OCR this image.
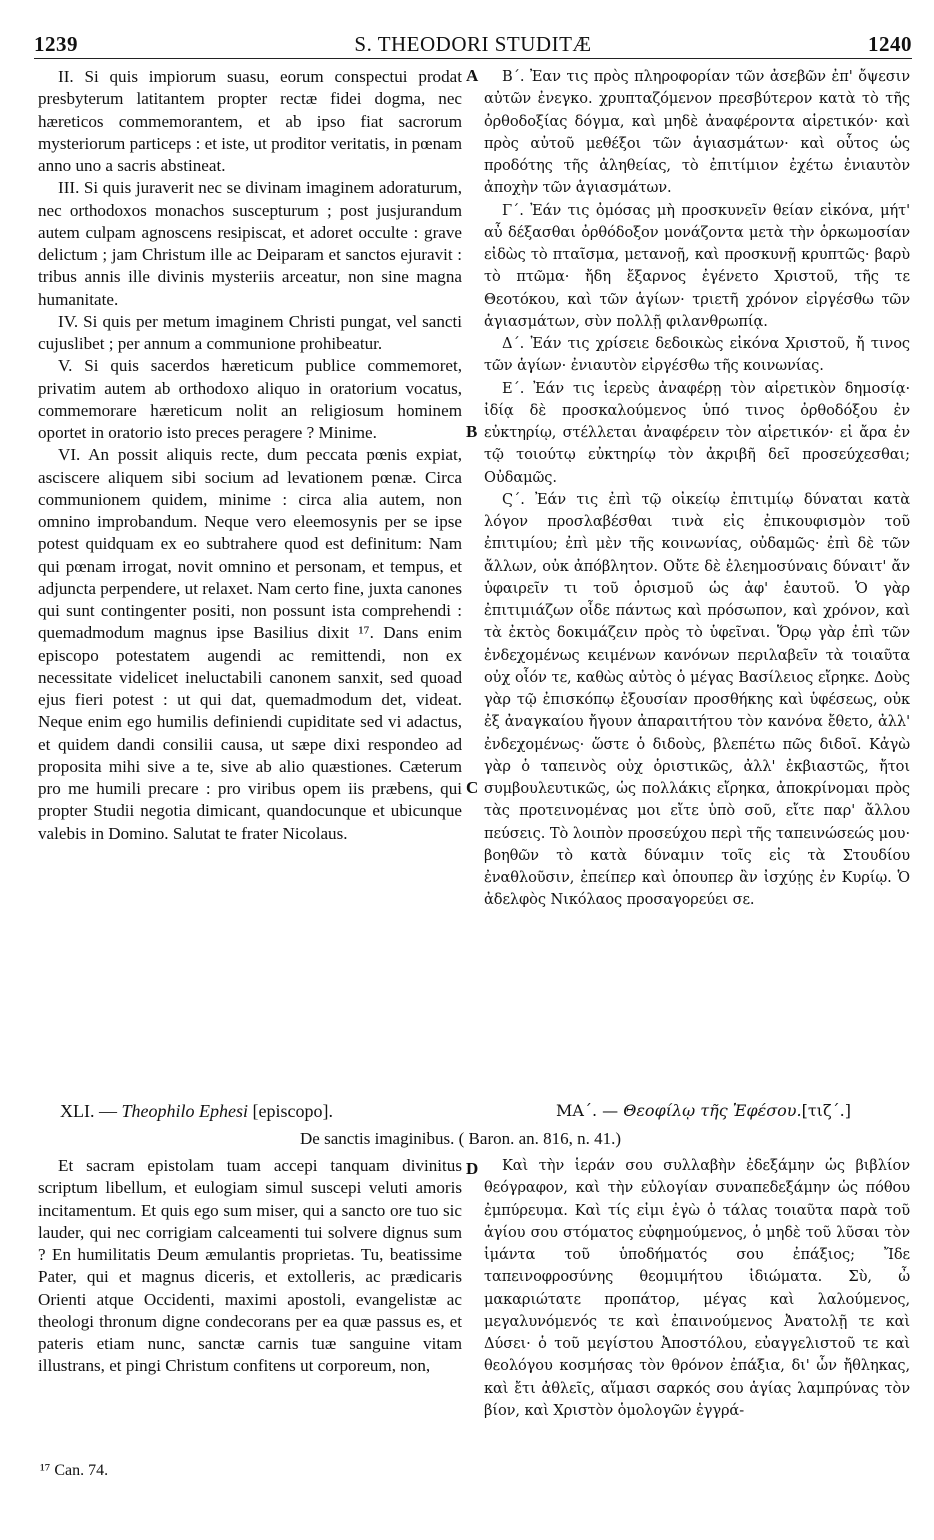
1239	S. THEODORI STUDITÆ	1240

II. Si quis impiorum suasu, eorum conspectui prodat presbyterum latitantem propter rectæ fidei dogma, nec hæreticos commemorantem, et ab ipso fiat sacrorum mysteriorum particeps : et iste, ut proditor veritatis, in pœnam anno uno a sacris abstineat.

III. Si quis juraverit nec se divinam imaginem adoraturum, nec orthodoxos monachos suscepturum ; post jusjurandum autem culpam agnoscens resipiscat, et adoret occulte : grave delictum ; jam Christum ille ac Deiparam et sanctos ejuravit : tribus annis ille divinis mysteriis arceatur, non sine magna humanitate.

IV. Si quis per metum imaginem Christi pungat, vel sancti cujuslibet ; per annum a communione prohibeatur.

V. Si quis sacerdos hæreticum publice commemoret, privatim autem ab orthodoxo aliquo in oratorium vocatus, commemorare hæreticum nolit an religiosum hominem oportet in oratorio isto preces peragere ? Minime.

VI. An possit aliquis recte, dum peccata pœnis expiat, asciscere aliquem sibi socium ad levationem pœnæ. Circa communionem quidem, minime : circa alia autem, non omnino improbandum. Neque vero eleemosynis per se ipse potest quidquam ex eo subtrahere quod est definitum: Nam qui pœnam irrogat, novit omnino et personam, et tempus, et adjuncta perpendere, ut relaxet. Nam certo fine, juxta canones qui sunt contingenter positi, non possunt ista comprehendi : quemadmodum magnus ipse Basilius dixit ¹⁷. Dans enim episcopo potestatem augendi ac remittendi, non ex necessitate videlicet ineluctabili canonem sanxit, sed quoad ejus fieri potest : ut qui dat, quemadmodum det, videat. Neque enim ego humilis definiendi cupiditate sed vi adactus, et quidem dandi consilii causa, ut sæpe dixi respondeo ad proposita mihi sive a te, sive ab alio quæstiones. Cæterum pro me humili precare : pro viribus opem iis præbens, qui propter Studii negotia dimicant, quandocunque et ubicunque valebis in Domino. Salutat te frater Nicolaus.

Β΄. Ἐαν τις πρὸς πληροφορίαν τῶν ἀσεβῶν ἐπ' ὄψεσιν αὐτῶν ἐνεγκο. χρυπταζόμενον πρεσβύτερον κατὰ τὸ τῆς ὀρθοδοξίας δόγμα, καὶ μηδὲ ἀναφέροντα αἱρετικόν· καὶ πρὸς αὐτοῦ μεθέξοι τῶν ἁγιασμάτων· καὶ οὗτος ὡς προδότης τῆς ἀληθείας, τὸ ἐπιτίμιον ἐχέτω ἐνιαυτὸν ἀποχὴν τῶν ἁγιασμάτων.

Γ΄. Ἐάν τις ὀμόσας μὴ προσκυνεῖν θείαν εἰκόνα, μήτ' αὖ δέξασθαι ὀρθόδοξον μονάζοντα μετὰ τὴν ὁρκωμοσίαν εἰδὼς τὸ πταῖσμα, μετανοῇ, καὶ προσκυνῇ κρυπτῶς· βαρὺ τὸ πτῶμα· ἤδη ἔξαρνος ἐγένετο Χριστοῦ, τῆς τε Θεοτόκου, καὶ τῶν ἁγίων· τριετῆ χρόνον εἰργέσθω τῶν ἁγιασμάτων, σὺν πολλῇ φιλανθρωπίᾳ.

Δ΄. Ἐάν τις χρίσειε δεδοικὼς εἰκόνα Χριστοῦ, ἤ τινος τῶν ἁγίων· ἐνιαυτὸν εἰργέσθω τῆς κοινωνίας.

Ε΄. Ἐάν τις ἱερεὺς ἀναφέρῃ τὸν αἱρετικὸν δημοσίᾳ· ἰδίᾳ δὲ προσκαλούμενος ὑπό τινος ὀρθοδόξου ἐν εὐκτηρίῳ, στέλλεται ἀναφέρειν τὸν αἱρετικόν· εἰ ἄρα ἐν τῷ τοιούτῳ εὐκτηρίῳ τὸν ἀκριβῆ δεῖ προσεύχεσθαι; Οὐδαμῶς.

Ϛ΄. Ἐάν τις ἐπὶ τῷ οἰκείῳ ἐπιτιμίῳ δύναται κατὰ λόγον προσλαβέσθαι τινὰ εἰς ἐπικουφισμὸν τοῦ ἐπιτιμίου; ἐπὶ μὲν τῆς κοινωνίας, οὐδαμῶς· ἐπὶ δὲ τῶν ἄλλων, οὐκ ἀπόβλητον. Οὔτε δὲ ἐλεημοσύναις δύναιτ' ἄν ὑφαιρεῖν τι τοῦ ὁρισμοῦ ὡς ἀφ' ἑαυτοῦ. Ὁ γὰρ ἐπιτιμιάζων οἶδε πάντως καὶ πρόσωπον, καὶ χρόνον, καὶ τὰ ἐκτὸς δοκιμάζειν πρὸς τὸ ὑφεῖναι. Ὅρῳ γὰρ ἐπὶ τῶν ἐνδεχομένως κειμένων κανόνων περιλαβεῖν τὰ τοιαῦτα οὐχ οἷόν τε, καθὼς αὐτὸς ὁ μέγας Βασίλειος εἴρηκε. Δοὺς γὰρ τῷ ἐπισκόπῳ ἐξουσίαν προσθήκης καὶ ὑφέσεως, οὐκ ἐξ ἀναγκαίου ἤγουν ἀπαραιτήτου τὸν κανόνα ἔθετο, ἀλλ' ἐνδεχομένως· ὥστε ὁ διδοὺς, βλεπέτω πῶς διδοῖ. Κἀγὼ γὰρ ὁ ταπεινὸς οὐχ ὁριστικῶς, ἀλλ' ἐκβιαστῶς, ἤτοι συμβουλευτικῶς, ὡς πολλάκις εἴρηκα, ἀποκρίνομαι πρὸς τὰς προτεινομένας μοι εἴτε ὑπὸ σοῦ, εἴτε παρ' ἄλλου πεύσεις. Τὸ λοιπὸν προσεύχου περὶ τῆς ταπεινώσεώς μου· βοηθῶν τὸ κατὰ δύναμιν τοῖς εἰς τὰ Στουδίου ἐναθλοῦσιν, ἐπείπερ καὶ ὁπουπερ ἂν ἰσχύῃς ἐν Κυρίῳ. Ὁ ἀδελφὸς Νικόλαος προσαγορεύει σε.

A
B
C
D
XLI. — Theophilo Ephesi [episcopo].	ΜΑ΄. — Θεοφίλῳ τῆς Ἐφέσου.[τιζ΄.]
De sanctis imaginibus. ( Baron. an. 816, n. 41.)

Et sacram epistolam tuam accepi tanquam divinitus scriptum libellum, et eulogiam simul suscepi veluti amoris incitamentum. Et quis ego sum miser, qui a sancto ore tuo sic lauder, qui nec corrigiam calceamenti tui solvere dignus sum ? En humilitatis Deum æmulantis proprietas. Tu, beatissime Pater, qui et magnus diceris, et extolleris, ac prædicaris Orienti atque Occidenti, maximi apostoli, evangelistæ ac theologi thronum digne condecorans per ea quæ passus es, et pateris etiam nunc, sanctæ carnis tuæ sanguine vitam illustrans, et pingi Christum confitens ut corporeum, non,

Καὶ τὴν ἱεράν σου συλλαβὴν ἐδεξάμην ὡς βιβλίον θεόγραφον, καὶ τὴν εὐλογίαν συναπεδεξάμην ὡς πόθου ἐμπύρευμα. Καὶ τίς εἰμι ἐγὼ ὁ τάλας τοιαῦτα παρὰ τοῦ ἁγίου σου στόματος εὐφημούμενος, ὁ μηδὲ τοῦ λῦσαι τὸν ἱμάντα τοῦ ὑποδήματός σου ἐπάξιος; Ἴδε ταπεινοφροσύνης θεομιμήτου ἰδιώματα. Σὺ, ὦ μακαριώτατε προπάτορ, μέγας καὶ λαλούμενος, μεγαλυνόμενός τε καὶ ἐπαινούμενος Ἀνατολῇ τε καὶ Δύσει· ὁ τοῦ μεγίστου Ἀποστόλου, εὐαγγελιστοῦ τε καὶ θεολόγου κοσμήσας τὸν θρόνον ἐπάξια, δι' ὧν ἤθληκας, καὶ ἔτι ἀθλεῖς, αἵμασι σαρκός σου ἁγίας λαμπρύνας τὸν βίον, καὶ Χριστὸν ὁμολογῶν ἐγγρά-

¹⁷ Can. 74.
